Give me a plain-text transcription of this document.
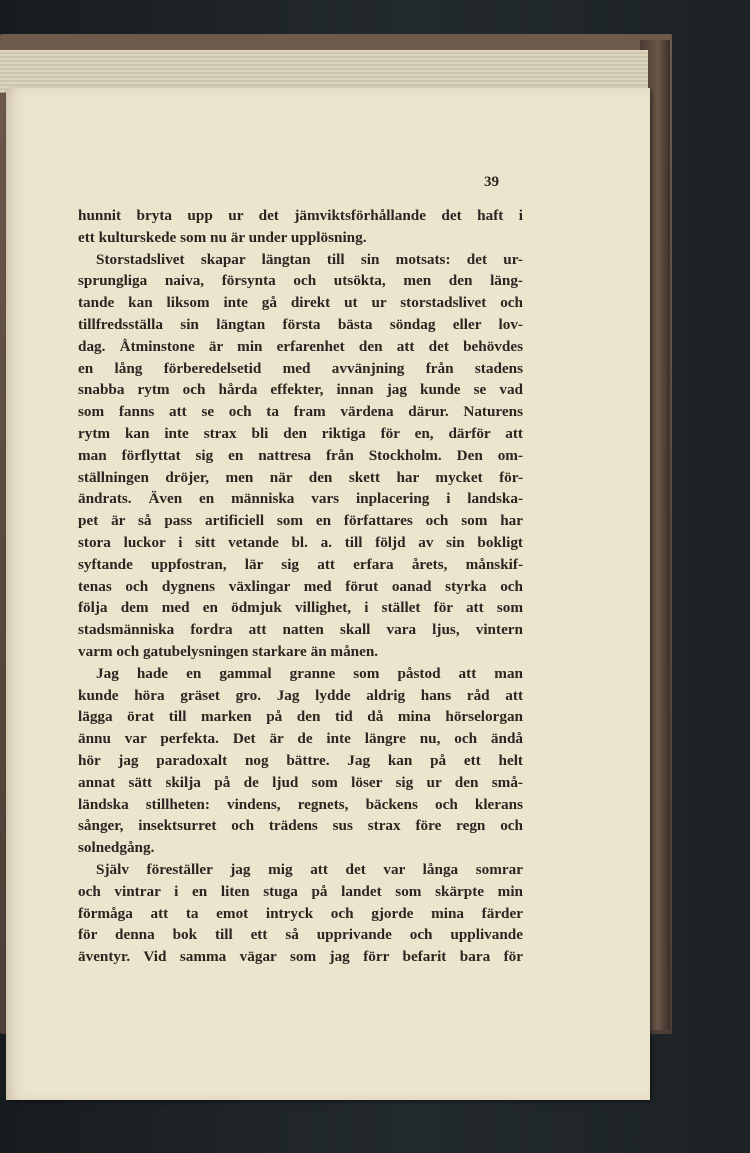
39
hunnit bryta upp ur det jämviktsförhållande det haft i
ett kulturskede som nu är under upplösning.
Storstadslivet skapar längtan till sin motsats: det ur-
sprungliga naiva, försynta och utsökta, men den läng-
tande kan liksom inte gå direkt ut ur storstadslivet och
tillfredsställa sin längtan första bästa söndag eller lov-
dag. Åtminstone är min erfarenhet den att det behövdes
en lång förberedelsetid med avvänjning från stadens
snabba rytm och hårda effekter, innan jag kunde se vad
som fanns att se och ta fram värdena därur. Naturens
rytm kan inte strax bli den riktiga för en, därför att
man förflyttat sig en nattresa från Stockholm. Den om-
ställningen dröjer, men när den skett har mycket för-
ändrats. Även en människa vars inplacering i landska-
pet är så pass artificiell som en författares och som har
stora luckor i sitt vetande bl. a. till följd av sin bokligt
syftande uppfostran, lär sig att erfara årets, månskif-
tenas och dygnens växlingar med förut oanad styrka och
följa dem med en ödmjuk villighet, i stället för att som
stadsmänniska fordra att natten skall vara ljus, vintern
varm och gatubelysningen starkare än månen.
Jag hade en gammal granne som påstod att man
kunde höra gräset gro. Jag lydde aldrig hans råd att
lägga örat till marken på den tid då mina hörselorgan
ännu var perfekta. Det är de inte längre nu, och ändå
hör jag paradoxalt nog bättre. Jag kan på ett helt
annat sätt skilja på de ljud som löser sig ur den små-
ländska stillheten: vindens, regnets, bäckens och klerans
sånger, insektsurret och trädens sus strax före regn och
solnedgång.
Själv föreställer jag mig att det var långa somrar
och vintrar i en liten stuga på landet som skärpte min
förmåga att ta emot intryck och gjorde mina färder
för denna bok till ett så upprivande och upplivande
äventyr. Vid samma vägar som jag förr befarit bara för
